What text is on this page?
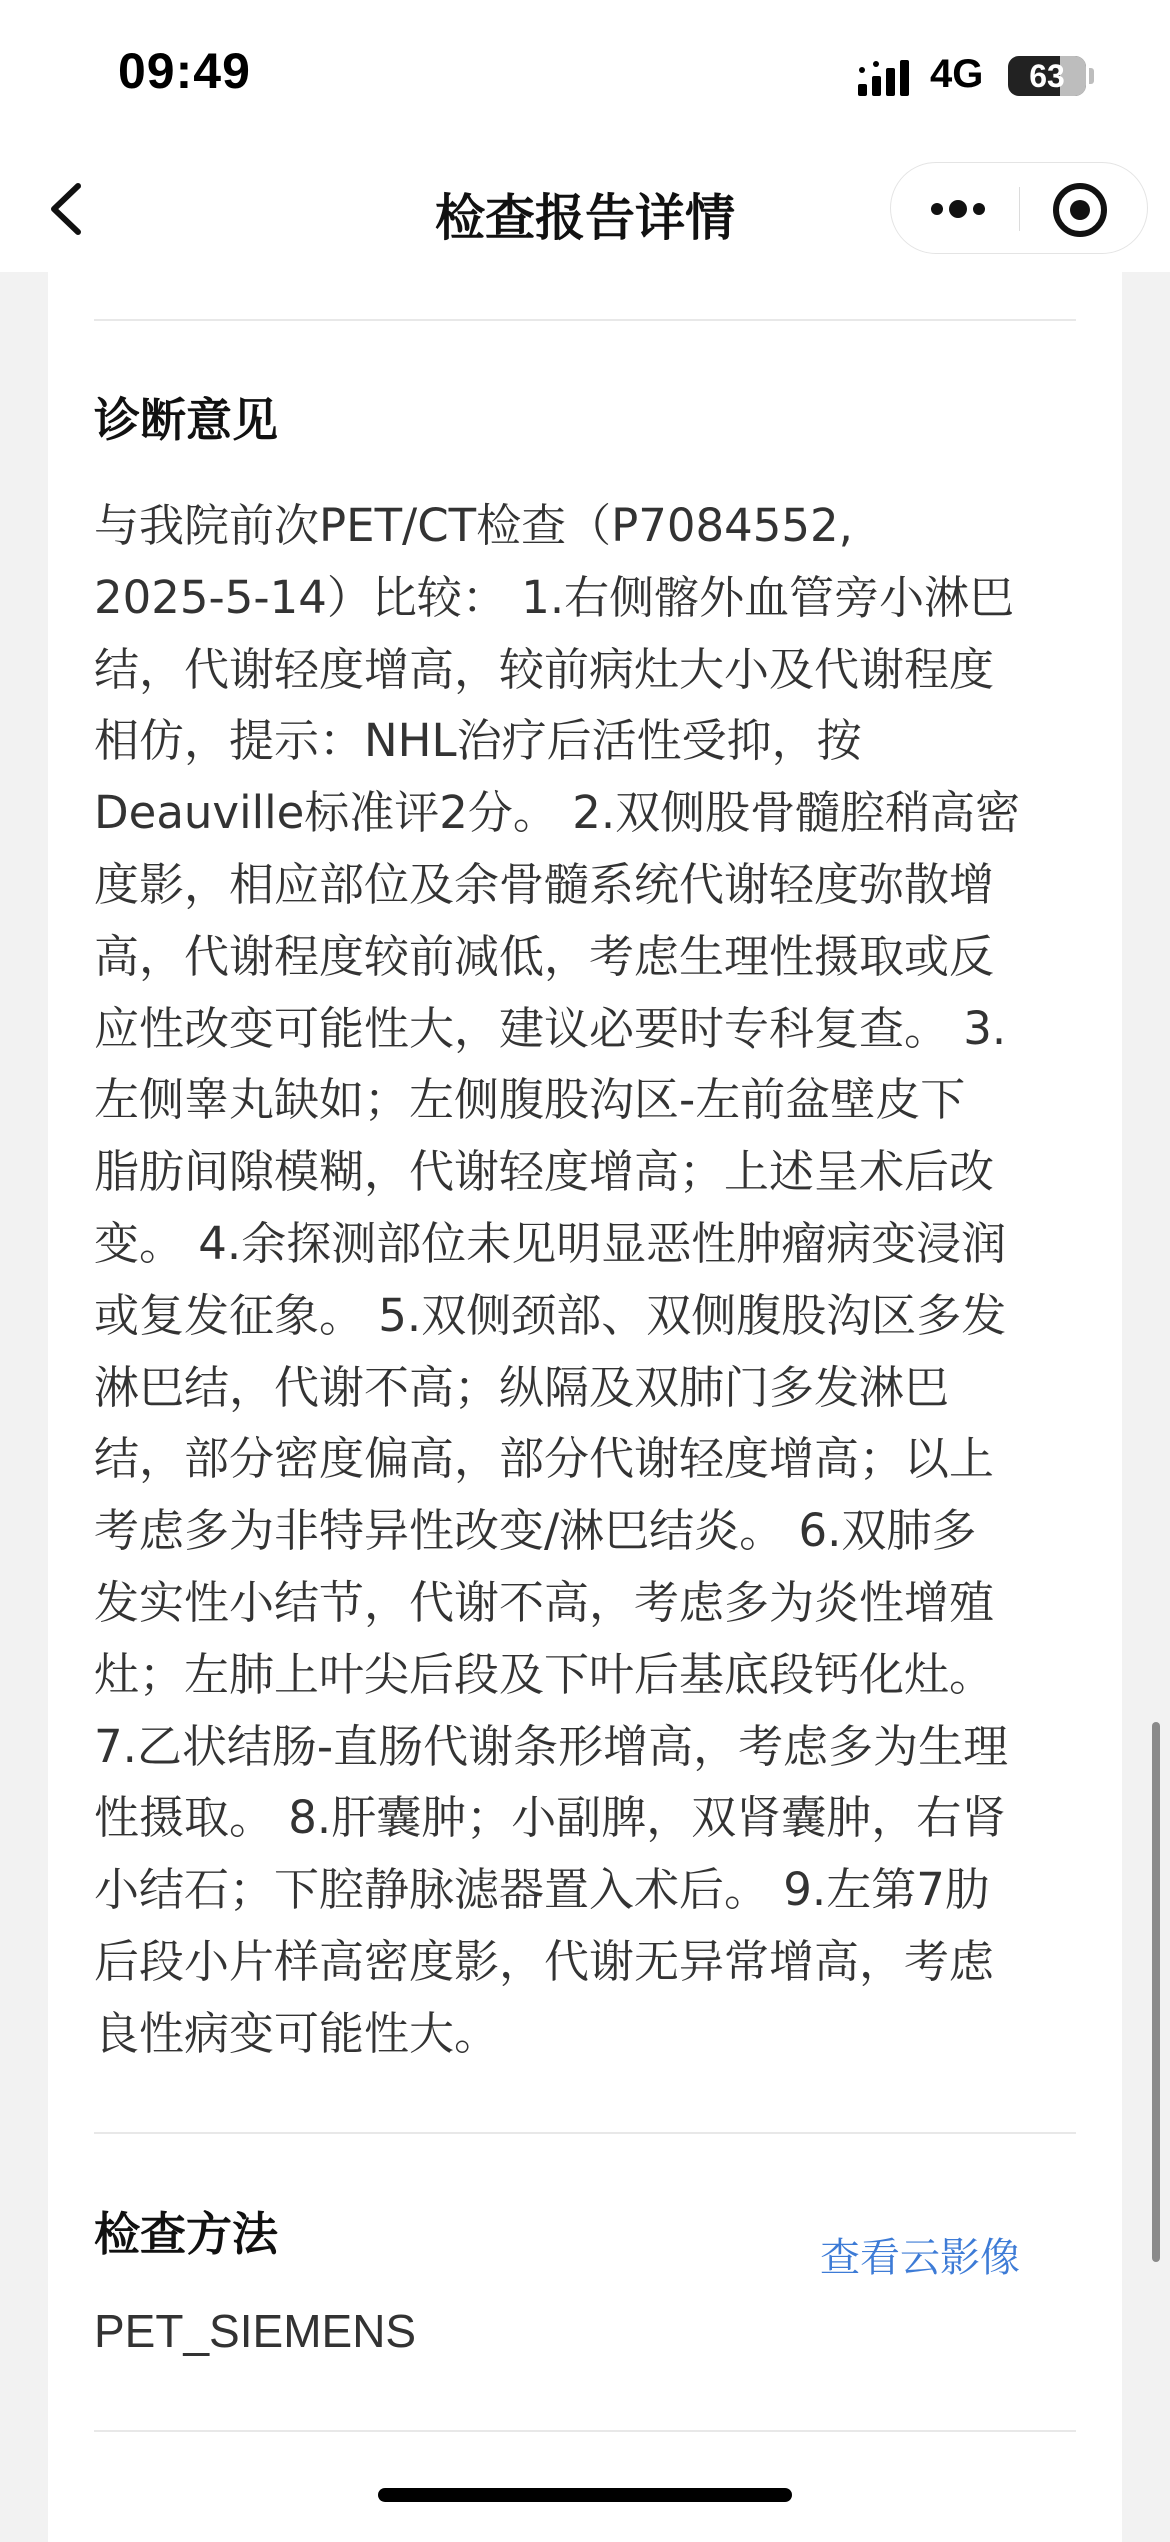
09:49	4G	63
检查报告详情
诊断意见
与我院前次PET/CT检查（P7084552,
2025-5-14）比较： 1.右侧髂外血管旁小淋巴
结，代谢轻度增高，较前病灶大小及代谢程度
相仿，提示：NHL治疗后活性受抑，按
Deauville标准评2分。 2.双侧股骨髓腔稍高密
度影，相应部位及余骨髓系统代谢轻度弥散增
高，代谢程度较前减低，考虑生理性摄取或反
应性改变可能性大，建议必要时专科复查。 3.
左侧睾丸缺如；左侧腹股沟区-左前盆壁皮下
脂肪间隙模糊，代谢轻度增高；上述呈术后改
变。 4.余探测部位未见明显恶性肿瘤病变浸润
或复发征象。 5.双侧颈部、双侧腹股沟区多发
淋巴结，代谢不高；纵隔及双肺门多发淋巴
结，部分密度偏高，部分代谢轻度增高；以上
考虑多为非特异性改变/淋巴结炎。 6.双肺多
发实性小结节，代谢不高，考虑多为炎性增殖
灶；左肺上叶尖后段及下叶后基底段钙化灶。
7.乙状结肠-直肠代谢条形增高，考虑多为生理
性摄取。 8.肝囊肿；小副脾，双肾囊肿，右肾
小结石；下腔静脉滤器置入术后。 9.左第7肋
后段小片样高密度影，代谢无异常增高，考虑
良性病变可能性大。
检查方法
PET_SIEMENS
查看云影像
